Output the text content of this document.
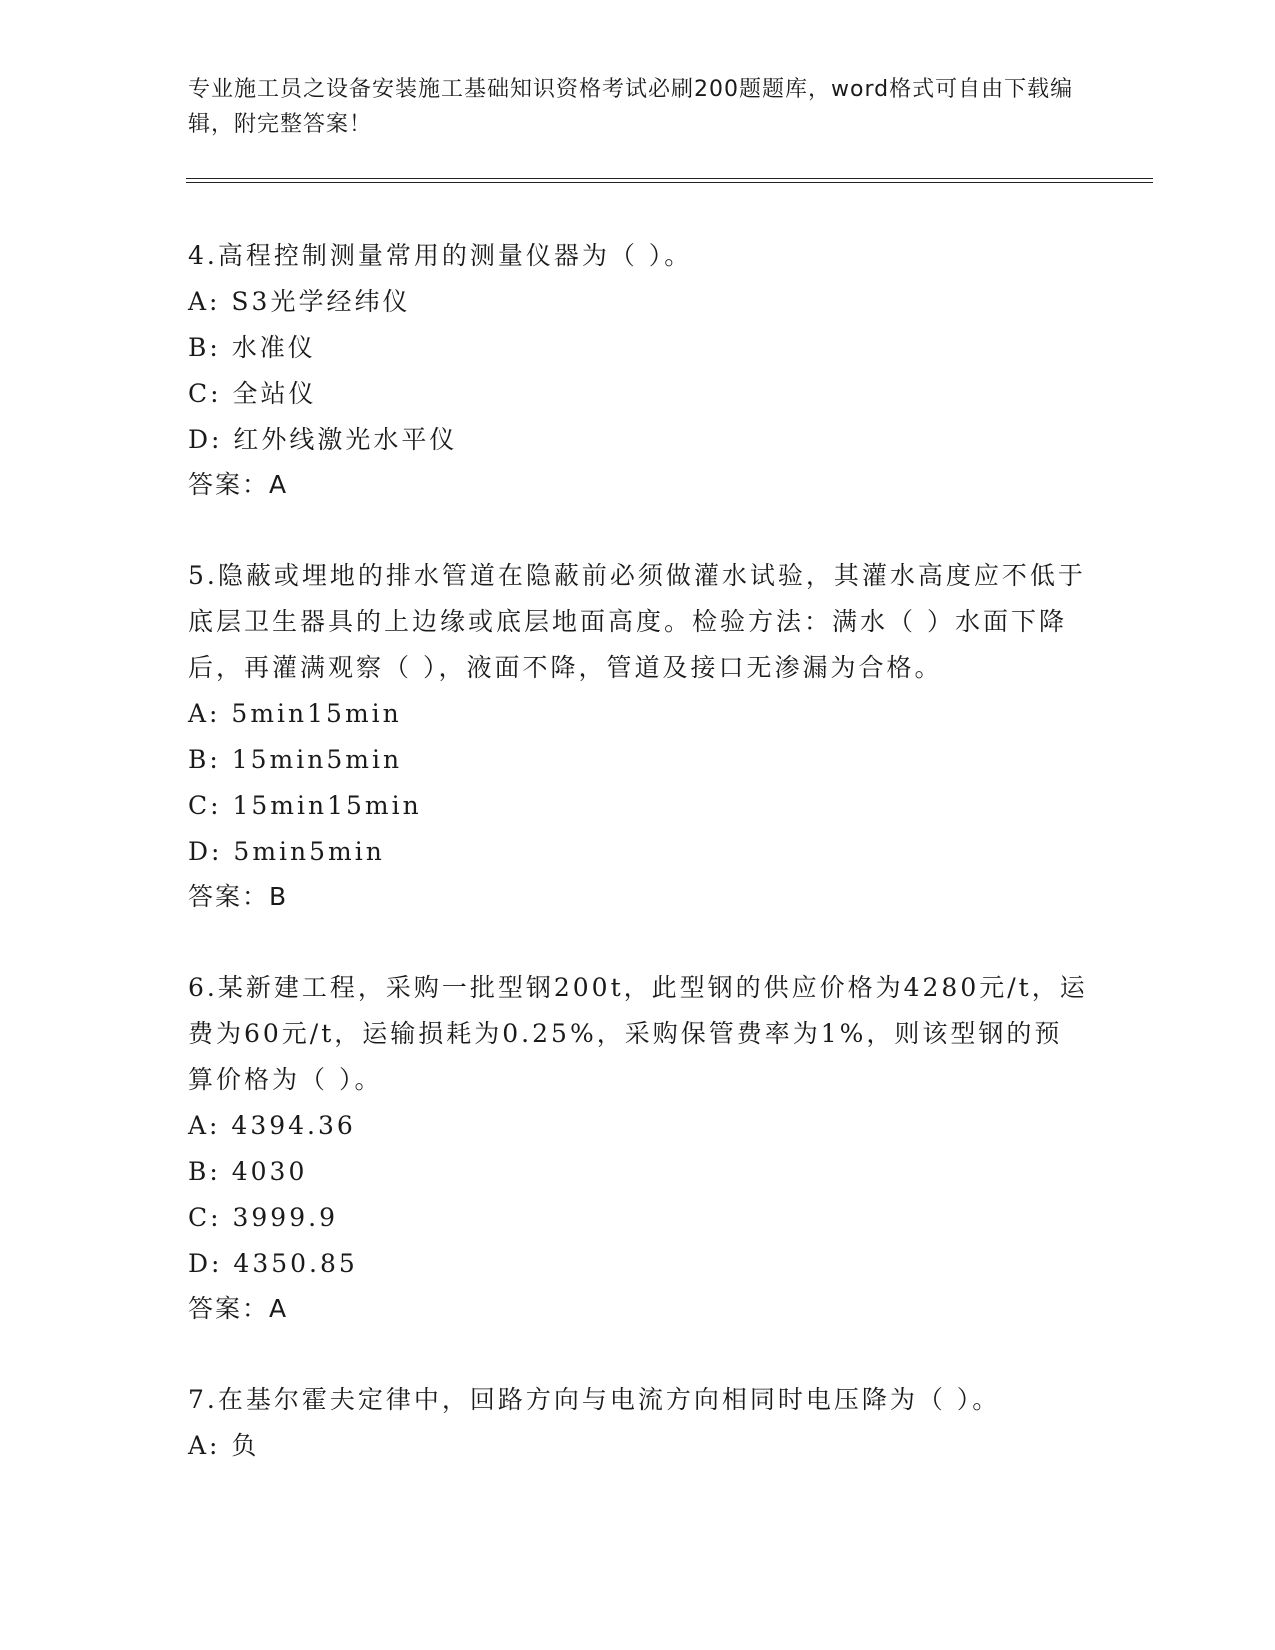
专业施工员之设备安装施工基础知识资格考试必刷200题题库，word格式可自由下载编辑，附完整答案！

4.高程控制测量常用的测量仪器为（ ）。

A: S3光学经纬仪
B: 水准仪
C: 全站仪
D: 红外线激光水平仪
答案：A

5.隐蔽或埋地的排水管道在隐蔽前必须做灌水试验，其灌水高度应不低于底层卫生器具的上边缘或底层地面高度。检验方法：满水（ ）水面下降后，再灌满观察（ ），液面不降，管道及接口无渗漏为合格。

A: 5min15min
B: 15min5min
C: 15min15min
D: 5min5min
答案：B

6.某新建工程，采购一批型钢200t，此型钢的供应价格为4280元/t，运费为60元/t，运输损耗为0.25%，采购保管费率为1%，则该型钢的预算价格为（ ）。

A: 4394.36
B: 4030
C: 3999.9
D: 4350.85
答案：A

7.在基尔霍夫定律中，回路方向与电流方向相同时电压降为（ ）。

A: 负
